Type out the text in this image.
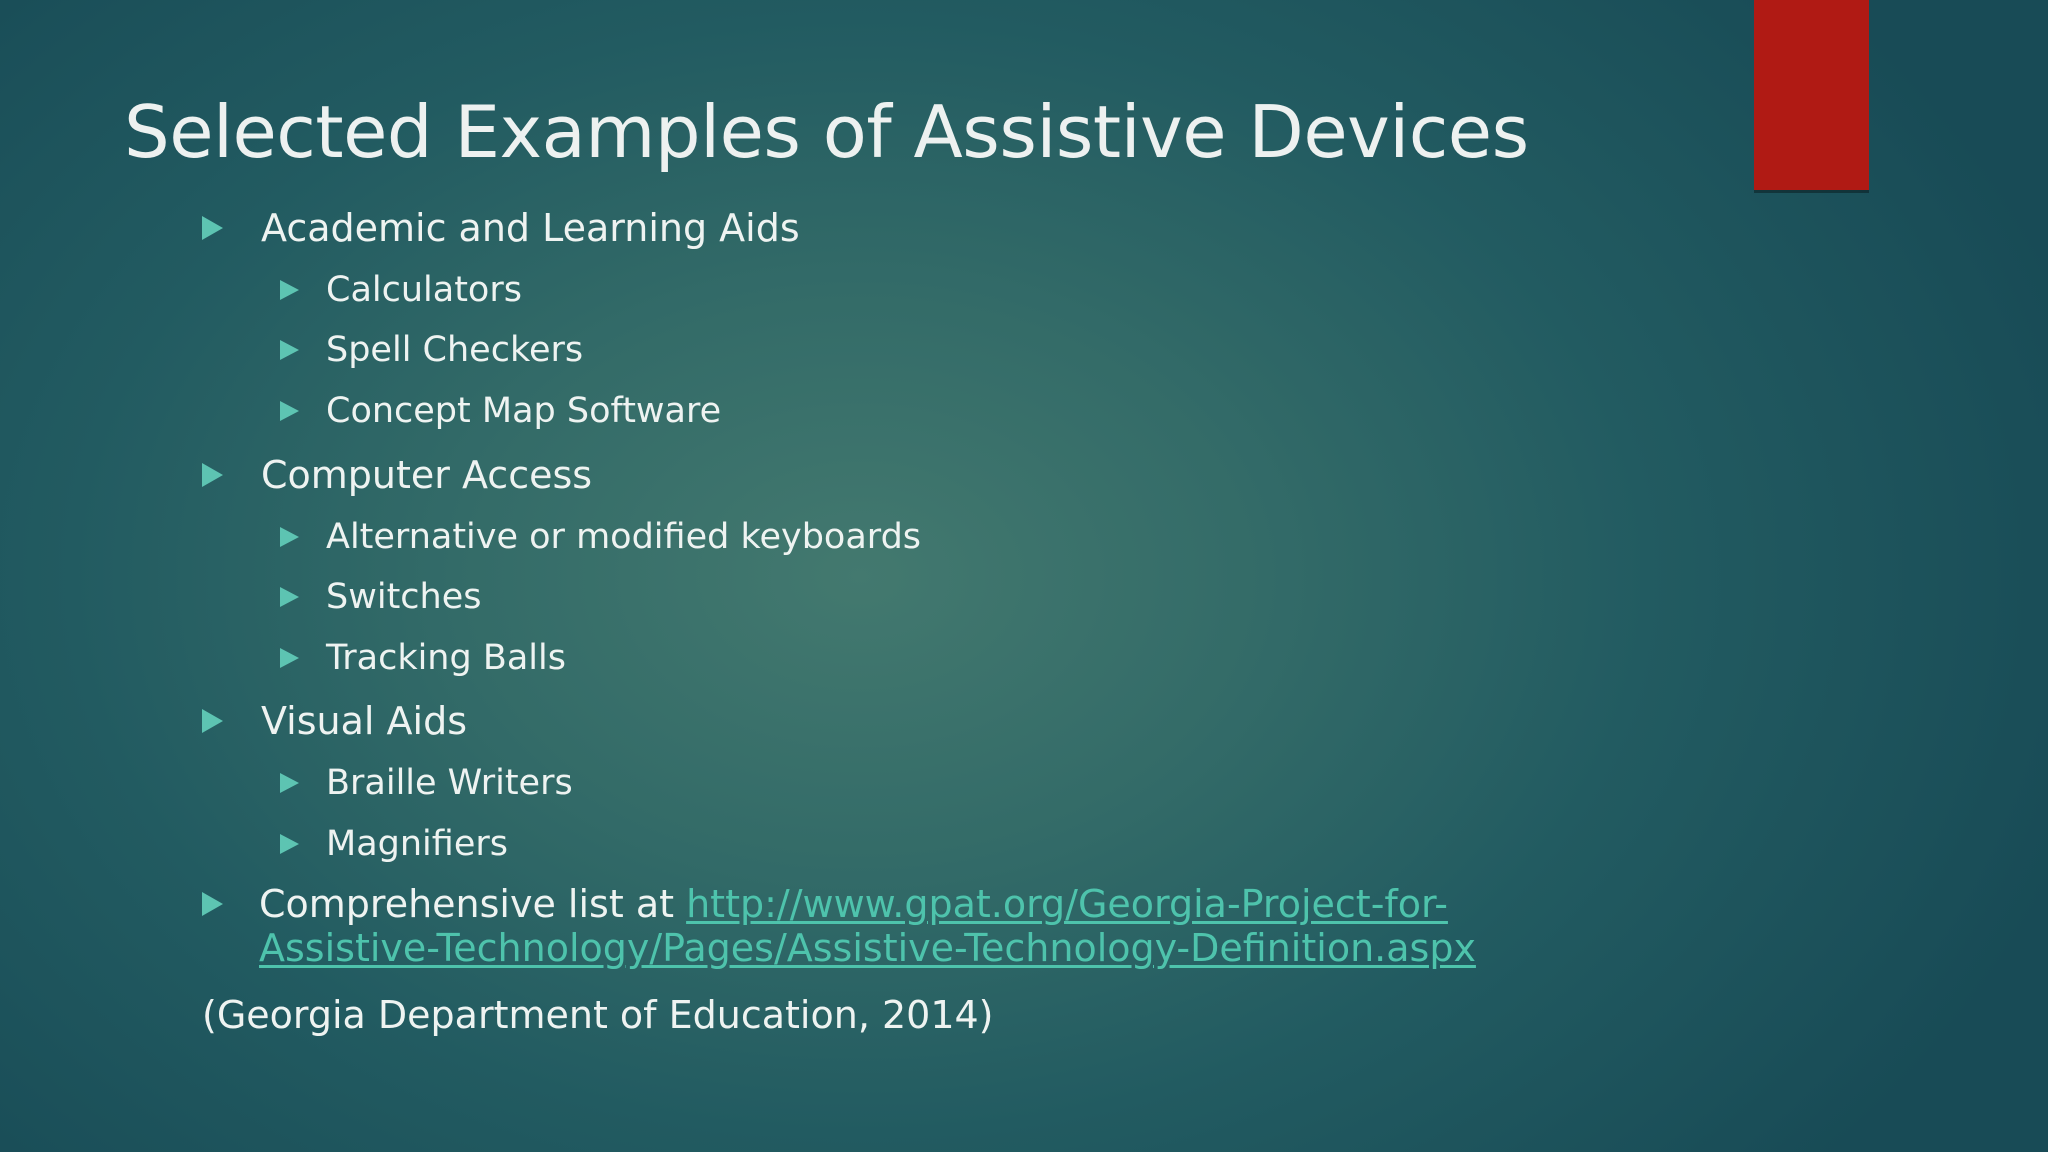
Selected Examples of Assistive Devices
Academic and Learning Aids
Calculators
Spell Checkers
Concept Map Software
Computer Access
Alternative or modified keyboards
Switches
Tracking Balls
Visual Aids
Braille Writers
Magnifiers
Comprehensive list at http://www.gpat.org/Georgia-Project-for-
Assistive-Technology/Pages/Assistive-Technology-Definition.aspx
(Georgia Department of Education, 2014)
